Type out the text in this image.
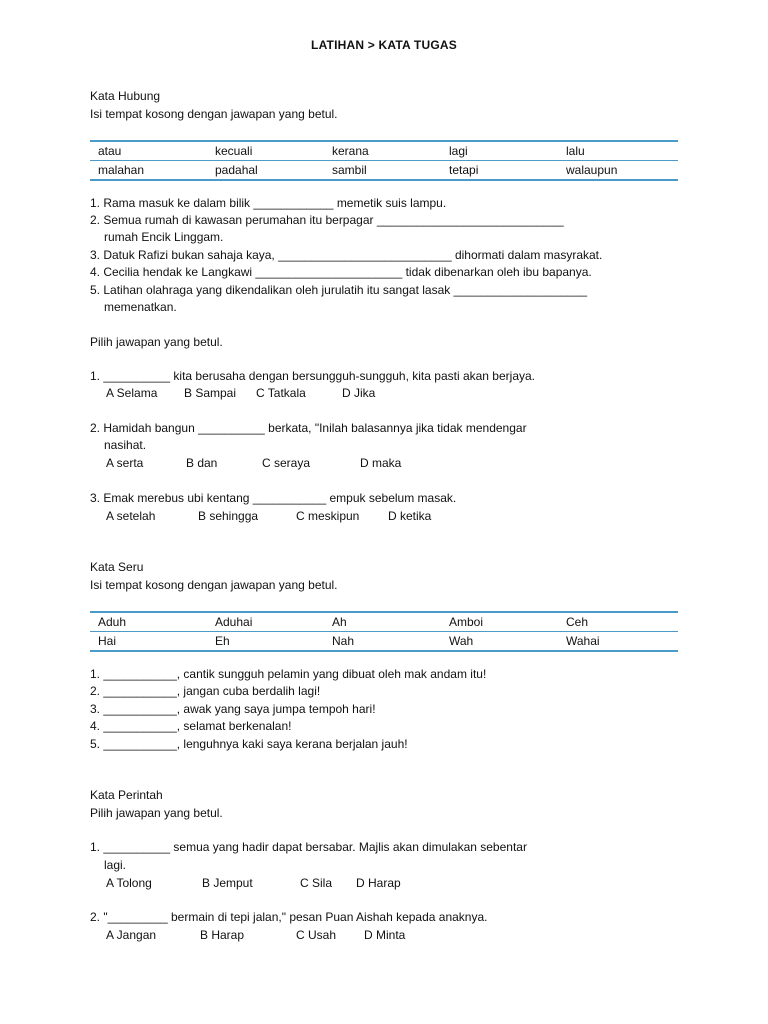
LATIHAN > KATA TUGAS
Kata Hubung
Isi tempat kosong dengan jawapan yang betul.
atau	kecuali	kerana	lagi	lalu
malahan	padahal	sambil	tetapi	walaupun
1. Rama masuk ke dalam bilik ____________ memetik suis lampu.
2. Semua rumah di kawasan perumahan itu berpagar ____________________________
rumah Encik Linggam.
3. Datuk Rafizi bukan sahaja kaya, __________________________ dihormati dalam masyrakat.
4. Cecilia hendak ke Langkawi ______________________ tidak dibenarkan oleh ibu bapanya.
5. Latihan olahraga yang dikendalikan oleh jurulatih itu sangat lasak ____________________
memenatkan.
Pilih jawapan yang betul.
1. __________ kita berusaha dengan bersungguh-sungguh, kita pasti akan berjaya.
A Selama B Sampai C Tatkala	D Jika
2. Hamidah bangun __________ berkata, "Inilah balasannya jika tidak mendengar
nasihat.
A serta	B dan	C seraya	D maka
3. Emak merebus ubi kentang ___________ empuk sebelum masak.
A setelah	B sehingga	C meskipun D ketika
Kata Seru
Isi tempat kosong dengan jawapan yang betul.
Aduh	Aduhai	Ah	Amboi	Ceh
Hai	Eh	Nah	Wah	Wahai
1. ___________, cantik sungguh pelamin yang dibuat oleh mak andam itu!
2. ___________, jangan cuba berdalih lagi!
3. ___________, awak yang saya jumpa tempoh hari!
4. ___________, selamat berkenalan!
5. ___________, lenguhnya kaki saya kerana berjalan jauh!
Kata Perintah
Pilih jawapan yang betul.
1. __________ semua yang hadir dapat bersabar. Majlis akan dimulakan sebentar
lagi.
A Tolong	B Jemput	C Sila D Harap
2. "_________ bermain di tepi jalan," pesan Puan Aishah kepada anaknya.
A Jangan	B Harap	C Usah D Minta
